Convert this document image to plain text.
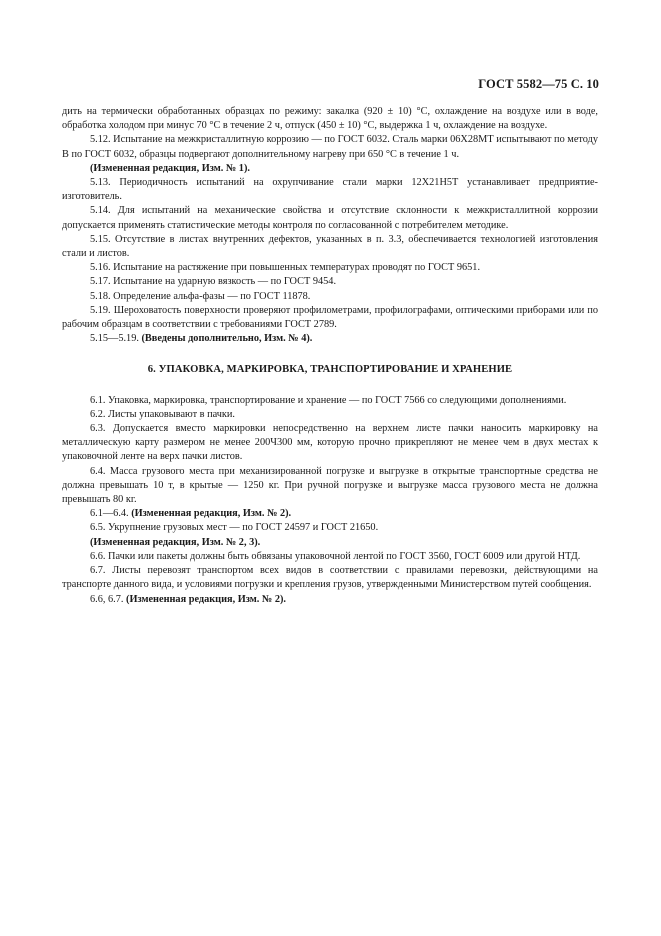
ГОСТ 5582—75 С. 10

дить на термически обработанных образцах по режиму: закалка (920 ± 10) °С, охлаждение на воздухе или в воде, обработка холодом при минус 70 °С в течение 2 ч, отпуск (450 ± 10) °С, выдержка 1 ч, охлаждение на воздухе.

5.12. Испытание на межкристаллитную коррозию — по ГОСТ 6032. Сталь марки 06Х28МТ испытывают по методу В по ГОСТ 6032, образцы подвергают дополнительному нагреву при 650 °С в течение 1 ч.

(Измененная редакция, Изм. № 1).

5.13. Периодичность испытаний на охрупчивание стали марки 12Х21Н5Т устанавливает предприятие-изготовитель.

5.14. Для испытаний на механические свойства и отсутствие склонности к межкристаллитной коррозии допускается применять статистические методы контроля по согласованной с потребителем методике.

5.15. Отсутствие в листах внутренних дефектов, указанных в п. 3.3, обеспечивается технологией изготовления стали и листов.

5.16. Испытание на растяжение при повышенных температурах проводят по ГОСТ 9651.

5.17. Испытание на ударную вязкость — по ГОСТ 9454.

5.18. Определение альфа-фазы — по ГОСТ 11878.

5.19. Шероховатость поверхности проверяют профилометрами, профилографами, оптическими приборами или по рабочим образцам в соответствии с требованиями ГОСТ 2789.

5.15—5.19. (Введены дополнительно, Изм. № 4).

6. УПАКОВКА, МАРКИРОВКА, ТРАНСПОРТИРОВАНИЕ И ХРАНЕНИЕ

6.1. Упаковка, маркировка, транспортирование и хранение — по ГОСТ 7566 со следующими дополнениями.

6.2. Листы упаковывают в пачки.

6.3. Допускается вместо маркировки непосредственно на верхнем листе пачки наносить маркировку на металлическую карту размером не менее 200Ч300 мм, которую прочно прикрепляют не менее чем в двух местах к упаковочной ленте на верх пачки листов.

6.4. Масса грузового места при механизированной погрузке и выгрузке в открытые транспортные средства не должна превышать 10 т, в крытые — 1250 кг. При ручной погрузке и выгрузке масса грузового места не должна превышать 80 кг.

6.1—6.4. (Измененная редакция, Изм. № 2).

6.5. Укрупнение грузовых мест — по ГОСТ 24597 и ГОСТ 21650.

(Измененная редакция, Изм. № 2, 3).

6.6. Пачки или пакеты должны быть обвязаны упаковочной лентой по ГОСТ 3560, ГОСТ 6009 или другой НТД.

6.7. Листы перевозят транспортом всех видов в соответствии с правилами перевозки, действующими на транспорте данного вида, и условиями погрузки и крепления грузов, утвержденными Министерством путей сообщения.

6.6, 6.7. (Измененная редакция, Изм. № 2).
